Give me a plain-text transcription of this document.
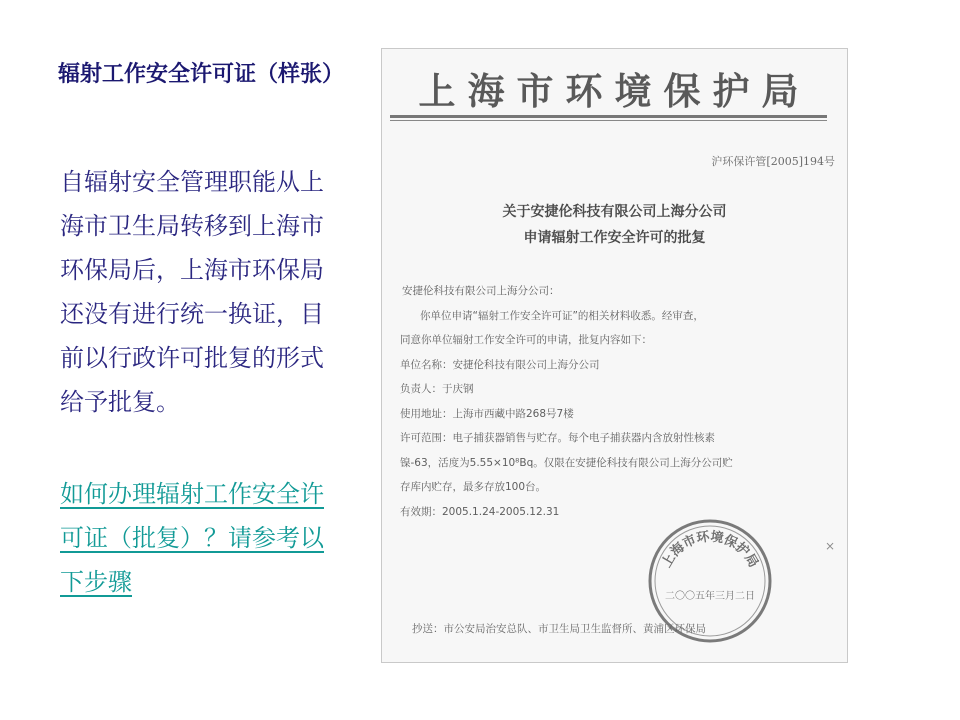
辐射工作安全许可证（样张）
自辐射安全管理职能从上海市卫生局转移到上海市环保局后，上海市环保局还没有进行统一换证，目前以行政许可批复的形式给予批复。
如何办理辐射工作安全许可证（批复）？请参考以下步骤
上海市环境保护局
沪环保许管[2005]194号
关于安捷伦科技有限公司上海分公司
申请辐射工作安全许可的批复
安捷伦科技有限公司上海分公司：
你单位申请“辐射工作安全许可证”的相关材料收悉。经审查，
同意你单位辐射工作安全许可的申请，批复内容如下：
单位名称：安捷伦科技有限公司上海分公司
负责人：于庆钢
使用地址：上海市西藏中路268号7楼
许可范围：电子捕获器销售与贮存。每个电子捕获器内含放射性核素
镍-63，活度为5.55×10⁸Bq。仅限在安捷伦科技有限公司上海分公司贮
存库内贮存，最多存放100台。
有效期：2005.1.24-2005.12.31
×
上海市环境保护局
二〇〇五年三月二日
抄送：市公安局治安总队、市卫生局卫生监督所、黄浦区环保局
